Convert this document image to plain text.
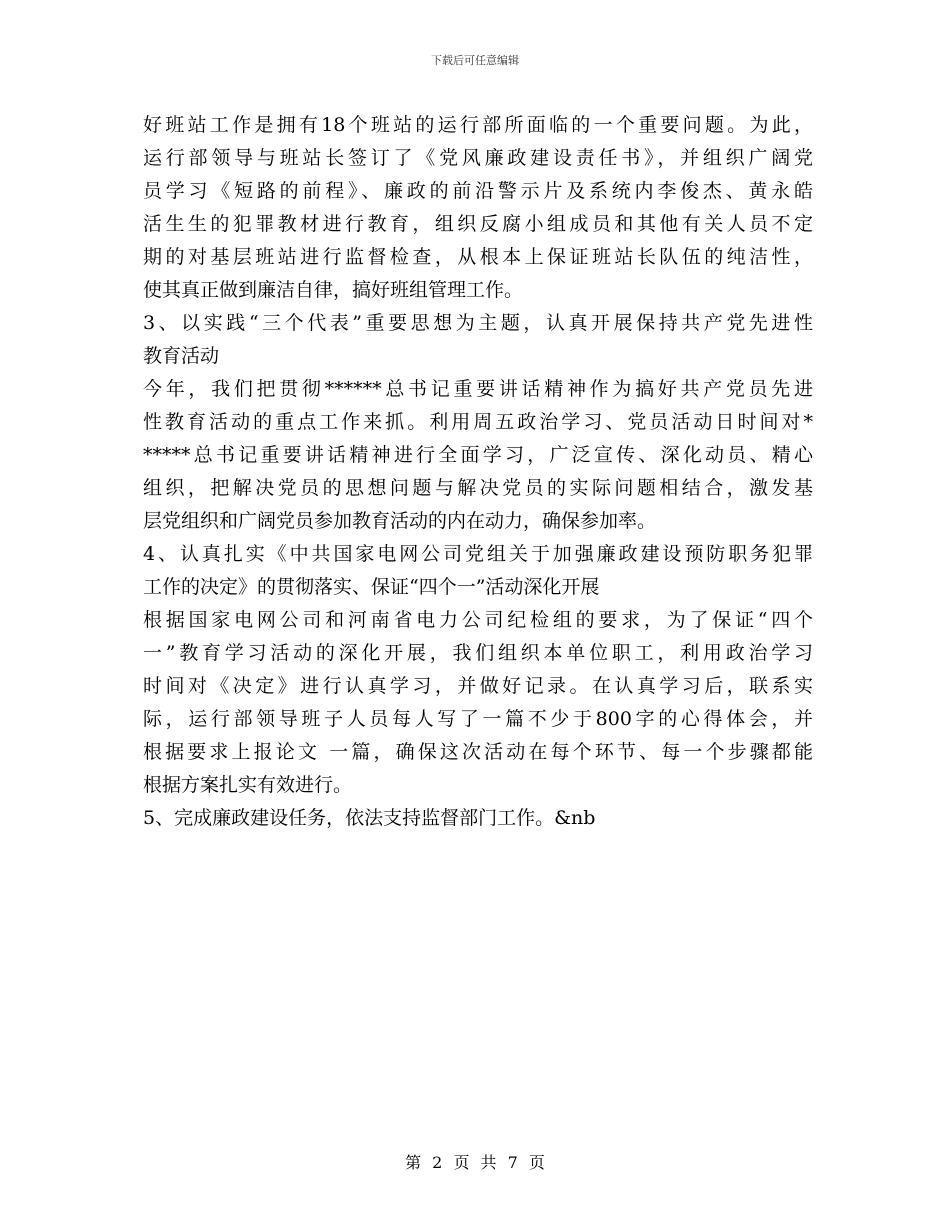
下载后可任意编辑
好班站工作是拥有18个班站的运行部所面临的一个重要问题。为此，
运行部领导与班站长签订了《党风廉政建设责任书》，并组织广阔党
员学习《短路的前程》、廉政的前沿警示片及系统内李俊杰、黄永皓
活生生的犯罪教材进行教育，组织反腐小组成员和其他有关人员不定
期的对基层班站进行监督检查，从根本上保证班站长队伍的纯洁性，
使其真正做到廉洁自律，搞好班组管理工作。
3、以实践“三个代表”重要思想为主题，认真开展保持共产党先进性
教育活动
今年，我们把贯彻******总书记重要讲话精神作为搞好共产党员先进
性教育活动的重点工作来抓。利用周五政治学习、党员活动日时间对*
*****总书记重要讲话精神进行全面学习，广泛宣传、深化动员、精心
组织，把解决党员的思想问题与解决党员的实际问题相结合，激发基
层党组织和广阔党员参加教育活动的内在动力，确保参加率。
4、认真扎实《中共国家电网公司党组关于加强廉政建设预防职务犯罪
工作的决定》的贯彻落实、保证“四个一”活动深化开展
根据国家电网公司和河南省电力公司纪检组的要求，为了保证“四个
一”教育学习活动的深化开展，我们组织本单位职工，利用政治学习
时间对《决定》进行认真学习，并做好记录。在认真学习后，联系实
际，运行部领导班子人员每人写了一篇不少于800字的心得体会，并
根据要求上报论文 一篇，确保这次活动在每个环节、每一个步骤都能
根据方案扎实有效进行。
5、完成廉政建设任务，依法支持监督部门工作。&nb
第 2 页 共 7 页
